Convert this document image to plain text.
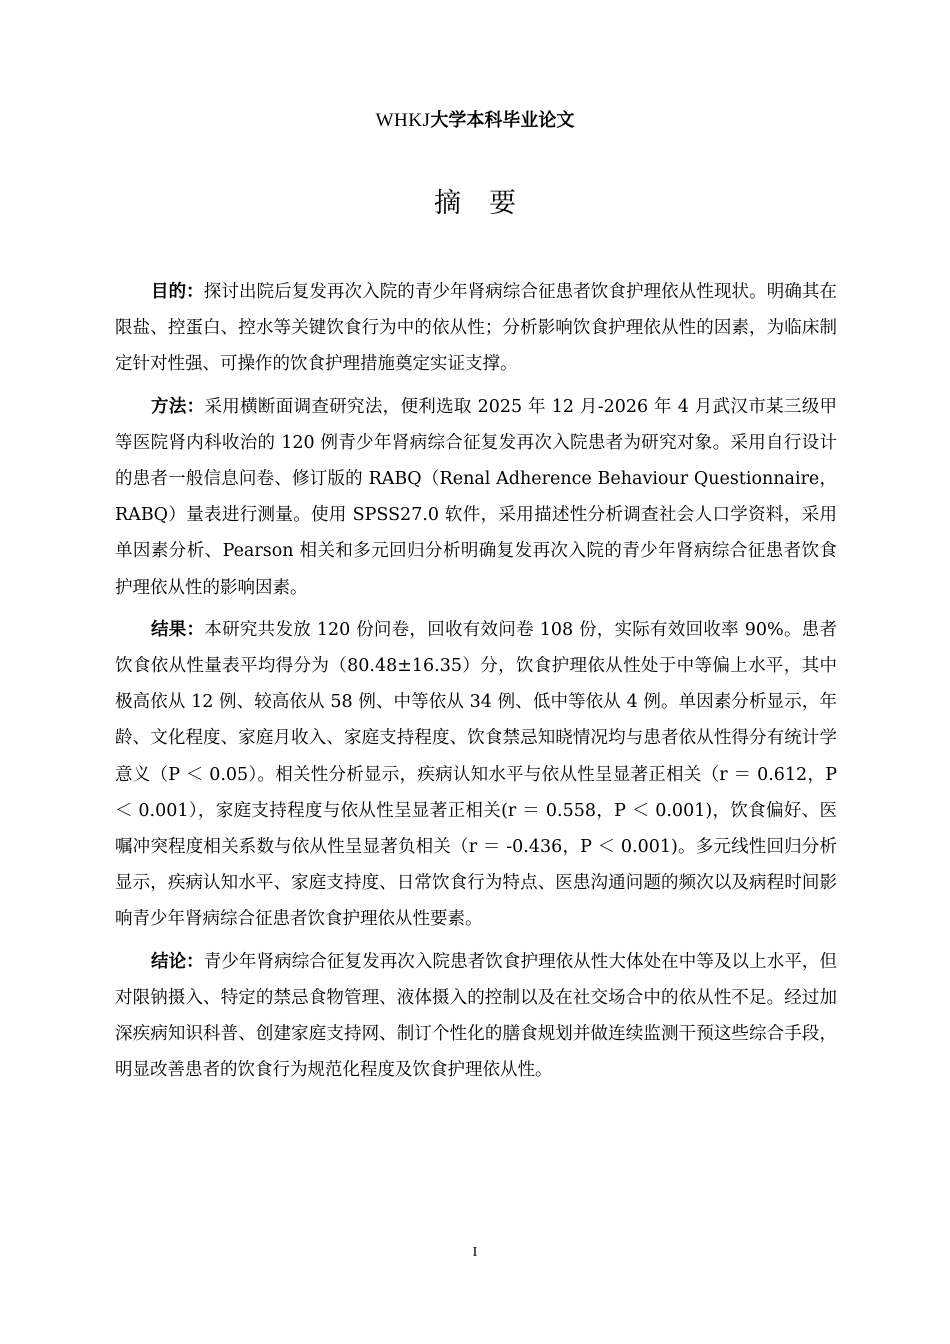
WHKJ大学本科毕业论文
摘要

目的：探讨出院后复发再次入院的青少年肾病综合征患者饮食护理依从性现状。明确其在限盐、控蛋白、控水等关键饮食行为中的依从性；分析影响饮食护理依从性的因素，为临床制定针对性强、可操作的饮食护理措施奠定实证支撑。

方法：采用横断面调查研究法，便利选取 2025 年 12 月-2026 年 4 月武汉市某三级甲等医院肾内科收治的 120 例青少年肾病综合征复发再次入院患者为研究对象。采用自行设计的患者一般信息问卷、修订版的 RABQ（Renal Adherence Behaviour Questionnaire，RABQ）量表进行测量。使用 SPSS27.0 软件，采用描述性分析调查社会人口学资料，采用单因素分析、Pearson 相关和多元回归分析明确复发再次入院的青少年肾病综合征患者饮食护理依从性的影响因素。

结果：本研究共发放 120 份问卷，回收有效问卷 108 份，实际有效回收率 90%。患者饮食依从性量表平均得分为（80.48±16.35）分，饮食护理依从性处于中等偏上水平，其中极高依从 12 例、较高依从 58 例、中等依从 34 例、低中等依从 4 例。单因素分析显示，年龄、文化程度、家庭月收入、家庭支持程度、饮食禁忌知晓情况均与患者依从性得分有统计学意义（P ＜ 0.05）。相关性分析显示，疾病认知水平与依从性呈显著正相关（r ＝ 0.612，P ＜ 0.001），家庭支持程度与依从性呈显著正相关(r ＝ 0.558，P ＜ 0.001)，饮食偏好、医嘱冲突程度相关系数与依从性呈显著负相关（r ＝ -0.436，P ＜ 0.001)。多元线性回归分析显示，疾病认知水平、家庭支持度、日常饮食行为特点、医患沟通问题的频次以及病程时间影响青少年肾病综合征患者饮食护理依从性要素。

结论：青少年肾病综合征复发再次入院患者饮食护理依从性大体处在中等及以上水平，但对限钠摄入、特定的禁忌食物管理、液体摄入的控制以及在社交场合中的依从性不足。经过加深疾病知识科普、创建家庭支持网、制订个性化的膳食规划并做连续监测干预这些综合手段，明显改善患者的饮食行为规范化程度及饮食护理依从性。

I
